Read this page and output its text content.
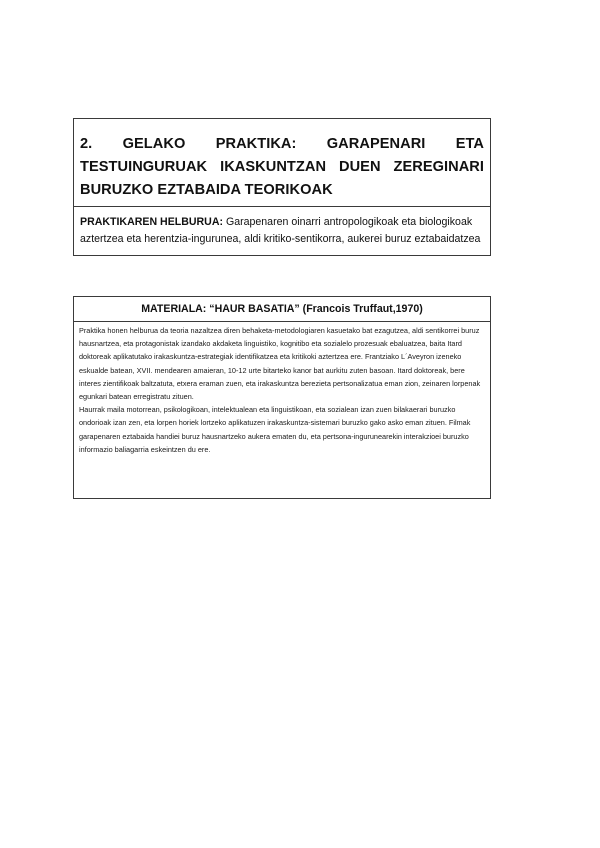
2. GELAKO PRAKTIKA: GARAPENARI ETA TESTUINGURUAK IKASKUNTZAN DUEN ZEREGINARI BURUZKO EZTABAIDA TEORIKOAK
PRAKTIKAREN HELBURUA: Garapenaren oinarri antropologikoak eta biologikoak aztertzea eta herentzia-ingurunea, aldi kritiko-sentikorra, aukerei buruz eztabaidatzea
MATERIALA: “HAUR BASATIA” (Francois Truffaut,1970)

Praktika honen helburua da teoria nazaltzea diren behaketa-metodologiaren kasuetako bat ezagutzea, aldi sentikorrei buruz hausnartzea, eta protagonistak izandako akdaketa linguistiko, kognitibo eta sozialelo prozesuak ebaluatzea, baita Itard doktoreak aplikatutako irakaskuntza-estrategiak identifikatzea eta kritikoki aztertzea ere. Frantziako L´Aveyron izeneko eskualde batean, XVII. mendearen amaieran, 10-12 urte bitarteko kanor bat aurkitu zuten basoan. Itard doktoreak, bere interes zientifikoak baltzatuta, etxera eraman zuen, eta irakaskuntza berezieta pertsonalizatua eman zion, zeinaren lorpenak egunkari batean erregistratu zituen.

Haurrak maila motorrean, psikologikoan, intelektualean eta linguistikoan, eta sozialean izan zuen bilakaerari buruzko ondorioak izan zen, eta lorpen horiek lortzeko aplikatuzen irakaskuntza-sistemari buruzko gako asko eman zituen. Filmak garapenaren eztabaida handiei buruz hausnartzeko aukera ematen du, eta pertsona-ingurunearekin interakzioei buruzko informazio baliagarria eskeintzen du ere.
